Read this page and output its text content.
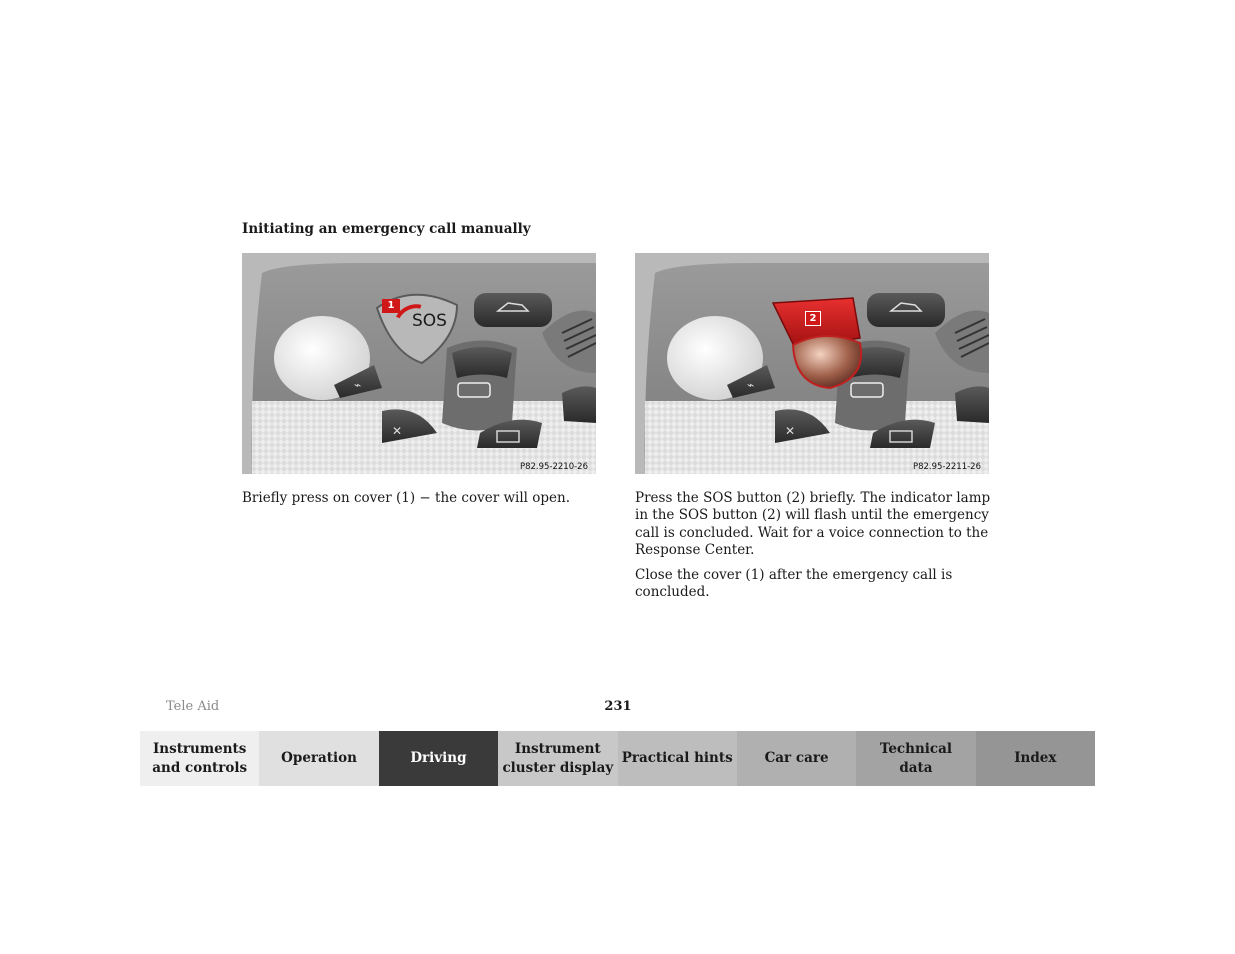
Initiating an emergency call manually
⌁
✕
1
SOS
P82.95-2210-26
⌁
✕
2
P82.95-2211-26

Briefly press on cover (1) − the cover will open.	Press the SOS button (2) briefly. The indicator lamp in the SOS button (2) will flash until the emergency call is concluded. Wait for a voice connection to the Response Center.

Close the cover (1) after the emergency call is concluded.

Tele Aid	231
Instruments
and controls
Operation	Driving
Instrument
cluster display
Practical hints	Car care
Technical
data
Index
